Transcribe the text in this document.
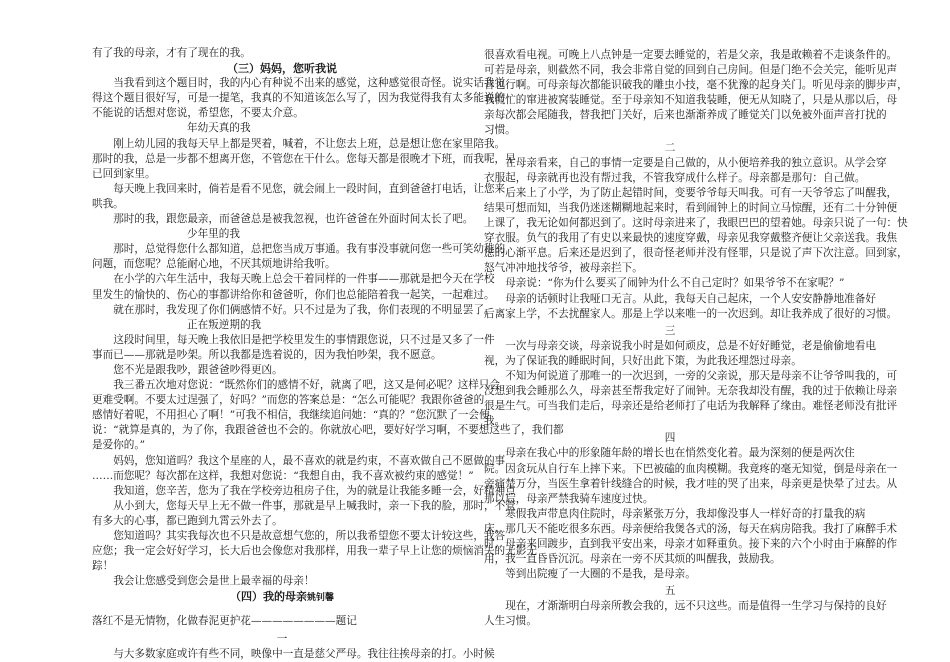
有了我的母亲，才有了现在的我。
（三）妈妈，您听我说
当我看到这个题目时，我的内心有种说不出来的感觉，这种感觉很奇怪。说实话我觉
得这个题目很好写，可是一提笔，我真的不知道该怎么写了，因为我觉得我有太多能说的
不能说的话想对您说，希望您，不要太介意。
年幼天真的我
刚上幼儿园的我每天早上都是哭着，喊着，不让您去上班，总是想让您在家里陪我。
那时的我，总是一步都不想离开您，不管您在干什么。您每天都是很晚才下班，而我呢，早
已回到家里。
每天晚上我回来时，倘若是看不见您，就会闹上一段时间，直到爸爸打电话，让您来
哄我。
那时的我，跟您最亲，而爸爸总是被我忽视，也许爸爸在外面时间太长了吧。
少年里的我
那时，总觉得您什么都知道，总把您当成万事通。我有事没事就问您一些可笑幼稚的
问题，而您呢？总能耐心地，不厌其烦地讲给我听。
在小学的六年生活中，我每天晚上总会干着同样的一件事——那就是把今天在学校
里发生的愉快的、伤心的事都讲给你和爸爸听，你们也总能陪着我一起笑，一起难过。
就在那时，我发现了你们俩感情不好。只不过是为了我，你们表现的不明显罢了。
正在叛逆期的我
这段时间里，每天晚上我依旧是把学校里发生的事情跟您说，只不过是又多了一件
事而已——那就是吵架。所以我都是选着说的，因为我怕吵架，我不愿意。
您不光是跟我吵，跟爸爸吵得更凶。
我三番五次地对您说：“既然你们的感情不好，就离了吧，这又是何必呢？这样只会
更难受啊。不要太过逞强了，好吗？”而您的答案总是：“怎么可能呢？我跟你爸爸的
感情好着呢，不用担心了啊！”可我不相信，我继续追问她：“真的？”您沉默了一会便
说：“就算是真的，为了你，我跟爸爸也不会的。你就放心吧，要好好学习啊，不要想这些了，我们都
是爱你的。”
妈妈，您知道吗？我这个星座的人，最不喜欢的就是约束，不喜欢做自己不愿做的事
……而您呢？每次都在这样，我想对您说：“我想自由，我不喜欢被约束的感觉！”
我知道，您辛苦，您为了我在学校旁边租房子住，为的就是让我能多睡一会，好精神点
从小到大，您每天早上无不做一件事，那就是早上喊我时，亲一下我的脸，那时，不管
有多大的心事，都已跑到九霄云外去了。
您知道吗？其实我每次也不只是故意想气您的，所以我希望您不要太计较这些，我答
应您；我一定会好好学习，长大后也会像您对我那样，用我一辈子早上让您的烦恼消失的无影无
踪！
我会让您感受到您会是世上最幸福的母亲！
（四）我的母亲姚钊馨
落红不是无情物，化做春泥更护花————————题记
一
与大多数家庭或许有些不同，映像中一直是慈父严母。我往往挨母亲的打。小时候
很喜欢看电视。可晚上八点钟是一定要去睡觉的，若是父亲，我是敢赖着不走谈条件的。
可若是母亲，则截然不同，我会非常自觉的回到自己房间。但是门绝不会关完，能听见声
音也行啊。可母亲每次都能识破我的雕虫小技，毫不犹豫的起身关门。听见母亲的脚步声，
我慌忙的窜进被窝装睡觉。至于母亲知不知道我装睡，便无从知晓了，只是从那以后，母
亲每次都会尾随我，替我把门关好，后来也渐渐养成了睡觉关门以免被外面声音打扰的
习惯。
二
在母亲看来，自己的事情一定要是自己做的，从小便培养我的独立意识。从学会穿
衣服起，母亲就再也没有帮过我，不管我穿成什么样子。母亲都是那句：自己做。
后来上了小学，为了防止起错时间，变要爷爷每天叫我。可有一天爷爷忘了叫醒我，
结果可想而知，当我仍迷迷糊糊地起来时，看到闹钟上的时间立马惊醒，还有二十分钟便
上课了，我无论如何都迟到了。这时母亲进来了，我眼巴巴的望着她。母亲只说了一句：快
穿衣服。负气的我用了有史以来最快的速度穿戴，母亲见我穿戴整齐便让父亲送我。我焦
虑的心渐平息。后来还是迟到了，很奇怪老师并没有怪罪，只是说了声下次注意。回到家，
怒气冲冲地找爷爷，被母亲拦下。
母亲说：“你为什么要买了闹钟为什么不自己定时？如果爷爷不在家呢？”
母亲的话顿时让我哑口无言。从此，我每天自己起床，一个人安安静静地准备好
后离家上学，不去扰醒家人。那是上学以来唯一的一次迟到。却让我养成了很好的习惯。
三
一次与母亲交谈，母亲说我小时是如何顽皮，总是不好好睡觉，老是偷偷地看电
视，为了保证我的睡眠时间，只好出此下策，为此我还埋怨过母亲。
不知为何说道了那唯一的一次迟到，一旁的父亲说，那天是母亲不让爷爷叫我的，可
没想到我会睡那么久，母亲甚至帮我定好了闹钟。无奈我却没有醒，我的过于依赖让母亲
很是生气。可当我们走后，母亲还是给老师打了电话为我解释了缘由。难怪老师没有批评
我。
四
母亲在我心中的形象随年龄的增长也在悄然变化着。最为深刻的便是两次住
院。因贪玩从自行车上摔下来。下巴被磕的血肉模糊。我竟疼的毫无知觉，倒是母亲在一
旁痛楚万分，当医生拿着针线缝合的时候，我才哇的哭了出来，母亲更是快晕了过去。从
那以后，母亲严禁我骑车速度过快。
寒假我声带息肉住院时，母亲紧张万分，我却像没事人一样好奇的打量我的病
床。那几天不能吃很多东西。母亲便给我煲各式的汤，每天在病房陪我。我打了麻醉手术
时，母亲来回踱步，直到我平安出来，母亲才如释重负。接下来的六个小时由于麻醉的作
用，我一直昏昏沉沉。母亲在一旁不厌其烦的叫醒我，鼓励我。
等到出院瘦了一大圈的不是我，是母亲。
五
现在，才渐渐明白母亲所教会我的，远不只这些。而是值得一生学习与保持的良好
人生习惯。
